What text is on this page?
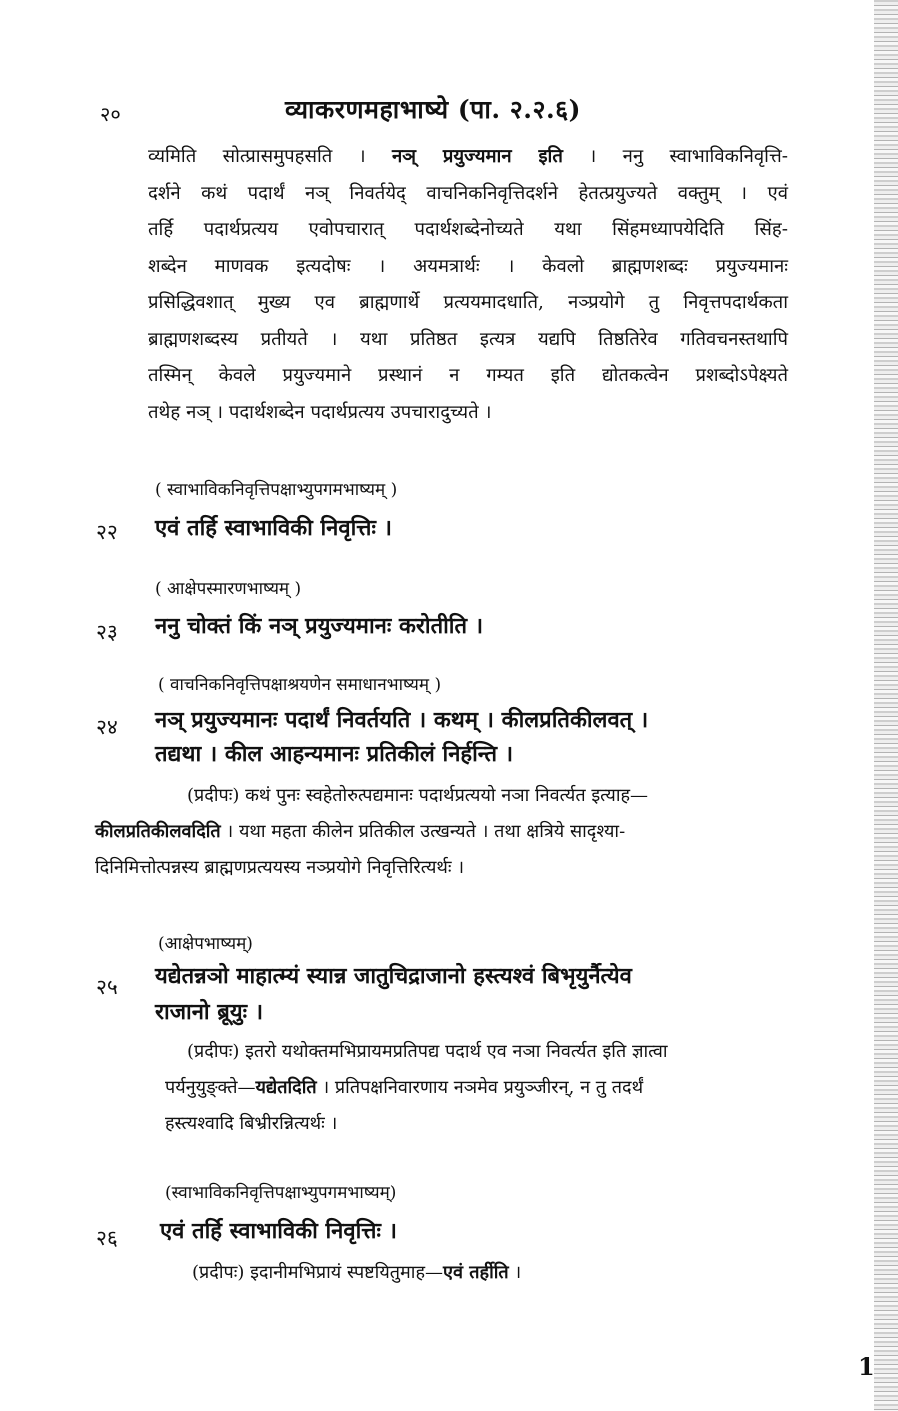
२०	व्याकरणमहाभाष्ये (पा. २.२.६)
व्यमिति सोत्प्रासमुपहसति । नञ् प्रयुज्यमान इति । ननु स्वाभाविकनिवृत्ति-
दर्शने कथं पदार्थं नञ् निवर्तयेद् वाचनिकनिवृत्तिदर्शने हेतत्प्रयुज्यते वक्तुम् । एवं
तर्हि पदार्थप्रत्यय एवोपचारात् पदार्थशब्देनोच्यते यथा सिंहमध्यापयेदिति सिंह-
शब्देन माणवक इत्यदोषः । अयमत्रार्थः । केवलो ब्राह्मणशब्दः प्रयुज्यमानः
प्रसिद्धिवशात् मुख्य एव ब्राह्मणार्थे प्रत्ययमादधाति, नञ्प्रयोगे तु निवृत्तपदार्थकता
ब्राह्मणशब्दस्य प्रतीयते । यथा प्रतिष्ठत इत्यत्र यद्यपि तिष्ठतिरेव गतिवचनस्तथापि
तस्मिन् केवले प्रयुज्यमाने प्रस्थानं न गम्यत इति द्योतकत्वेन प्रशब्दोऽपेक्ष्यते
तथेह नञ् । पदार्थशब्देन पदार्थप्रत्यय उपचारादुच्यते ।
( स्वाभाविकनिवृत्तिपक्षाभ्युपगमभाष्यम् )
२२ एवं तर्हि स्वाभाविकी निवृत्तिः ।
( आक्षेपस्मारणभाष्यम् )
२३ ननु चोक्तं किं नञ् प्रयुज्यमानः करोतीति ।
( वाचनिकनिवृत्तिपक्षाश्रयणेन समाधानभाष्यम् )
२४ नञ् प्रयुज्यमानः पदार्थं निवर्तयति । कथम् । कीलप्रतिकीलवत् ।
तद्यथा । कील आहन्यमानः प्रतिकीलं निर्हन्ति ।
(प्रदीपः) कथं पुनः स्वहेतोरुत्पद्यमानः पदार्थप्रत्ययो नञा निवर्त्यत इत्याह—
कीलप्रतिकीलवदिति । यथा महता कीलेन प्रतिकील उत्खन्यते । तथा क्षत्रिये सादृश्या-
दिनिमित्तोत्पन्नस्य ब्राह्मणप्रत्ययस्य नञ्प्रयोगे निवृत्तिरित्यर्थः ।
(आक्षेपभाष्यम्)
२५ यद्येतन्नञो माहात्म्यं स्यान्न जातुचिद्राजानो हस्त्यश्वं बिभृयुर्नैत्येव
राजानो ब्रूयुः ।
(प्रदीपः) इतरो यथोक्तमभिप्रायमप्रतिपद्य पदार्थ एव नञा निवर्त्यत इति ज्ञात्वा
पर्यनुयुङ्क्ते—यद्येतदिति । प्रतिपक्षनिवारणाय नञमेव प्रयुञ्जीरन्, न तु तदर्थं
हस्त्यश्वादि बिभ्रीरन्नित्यर्थः ।
(स्वाभाविकनिवृत्तिपक्षाभ्युपगमभाष्यम्)
२६ एवं तर्हि स्वाभाविकी निवृत्तिः ।
(प्रदीपः) इदानीमभिप्रायं स्पष्टयितुमाह—एवं तर्हीति ।
1
